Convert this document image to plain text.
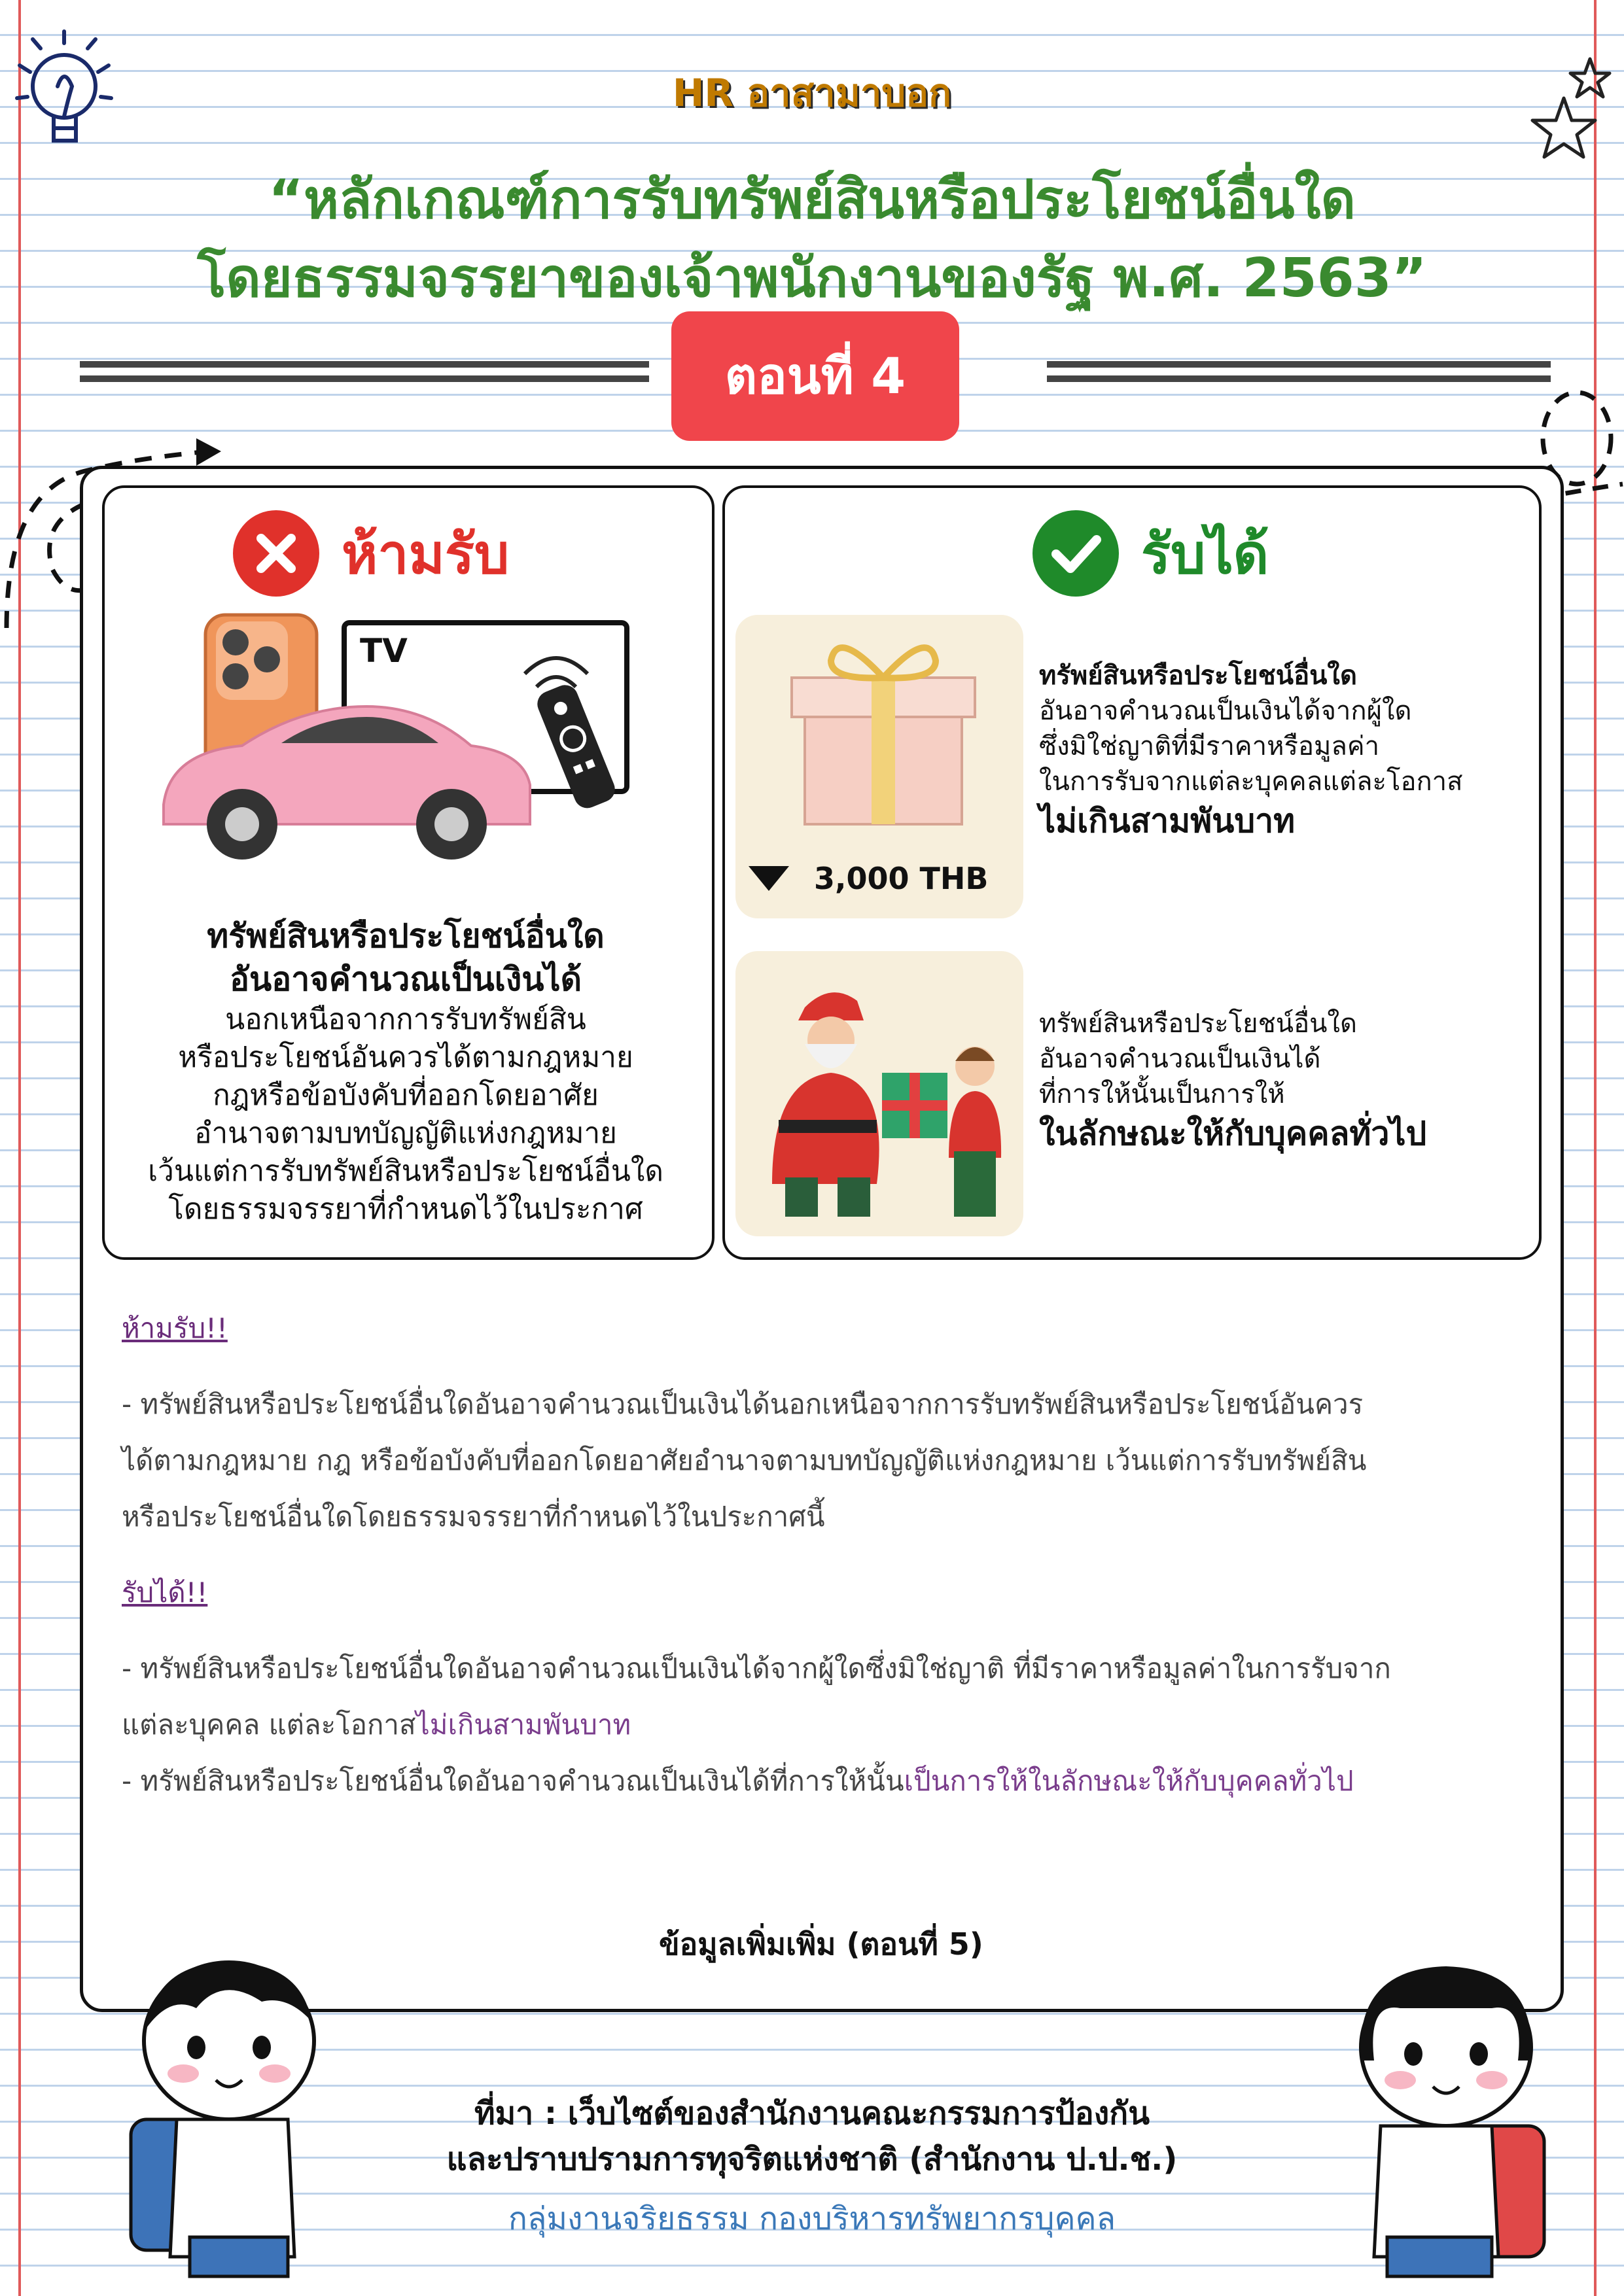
HR อาสามาบอก
“หลักเกณฑ์การรับทรัพย์สินหรือประโยชน์อื่นใด
โดยธรรมจรรยาของเจ้าพนักงานของรัฐ พ.ศ. 2563”
ตอนที่ 4
ห้ามรับ
TV
ทรัพย์สินหรือประโยชน์อื่นใด
อันอาจคำนวณเป็นเงินได้
นอกเหนือจากการรับทรัพย์สิน
หรือประโยชน์อันควรได้ตามกฎหมาย
กฎหรือข้อบังคับที่ออกโดยอาศัย
อำนาจตามบทบัญญัติแห่งกฎหมาย
เว้นแต่การรับทรัพย์สินหรือประโยชน์อื่นใด
โดยธรรมจรรยาที่กำหนดไว้ในประกาศ
รับได้
3,000 THB
ทรัพย์สินหรือประโยชน์อื่นใด
อันอาจคำนวณเป็นเงินได้จากผู้ใด
ซึ่งมิใช่ญาติที่มีราคาหรือมูลค่า
ในการรับจากแต่ละบุคคลแต่ละโอกาส
ไม่เกินสามพันบาท
ทรัพย์สินหรือประโยชน์อื่นใด
อันอาจคำนวณเป็นเงินได้
ที่การให้นั้นเป็นการให้
ในลักษณะให้กับบุคคลทั่วไป
ห้ามรับ!!
- ทรัพย์สินหรือประโยชน์อื่นใดอันอาจคำนวณเป็นเงินได้นอกเหนือจากการรับทรัพย์สินหรือประโยชน์อันควร
ได้ตามกฎหมาย กฎ หรือข้อบังคับที่ออกโดยอาศัยอำนาจตามบทบัญญัติแห่งกฎหมาย เว้นแต่การรับทรัพย์สิน
หรือประโยชน์อื่นใดโดยธรรมจรรยาที่กำหนดไว้ในประกาศนี้
รับได้!!
- ทรัพย์สินหรือประโยชน์อื่นใดอันอาจคำนวณเป็นเงินได้จากผู้ใดซึ่งมิใช่ญาติ ที่มีราคาหรือมูลค่าในการรับจาก
แต่ละบุคคล แต่ละโอกาสไม่เกินสามพันบาท
- ทรัพย์สินหรือประโยชน์อื่นใดอันอาจคำนวณเป็นเงินได้ที่การให้นั้นเป็นการให้ในลักษณะให้กับบุคคลทั่วไป
ข้อมูลเพิ่มเพิ่ม (ตอนที่ 5)
ที่มา : เว็บไซต์ของสำนักงานคณะกรรมการป้องกัน
และปราบปรามการทุจริตแห่งชาติ (สำนักงาน ป.ป.ช.)
กลุ่มงานจริยธรรม กองบริหารทรัพยากรบุคคล
